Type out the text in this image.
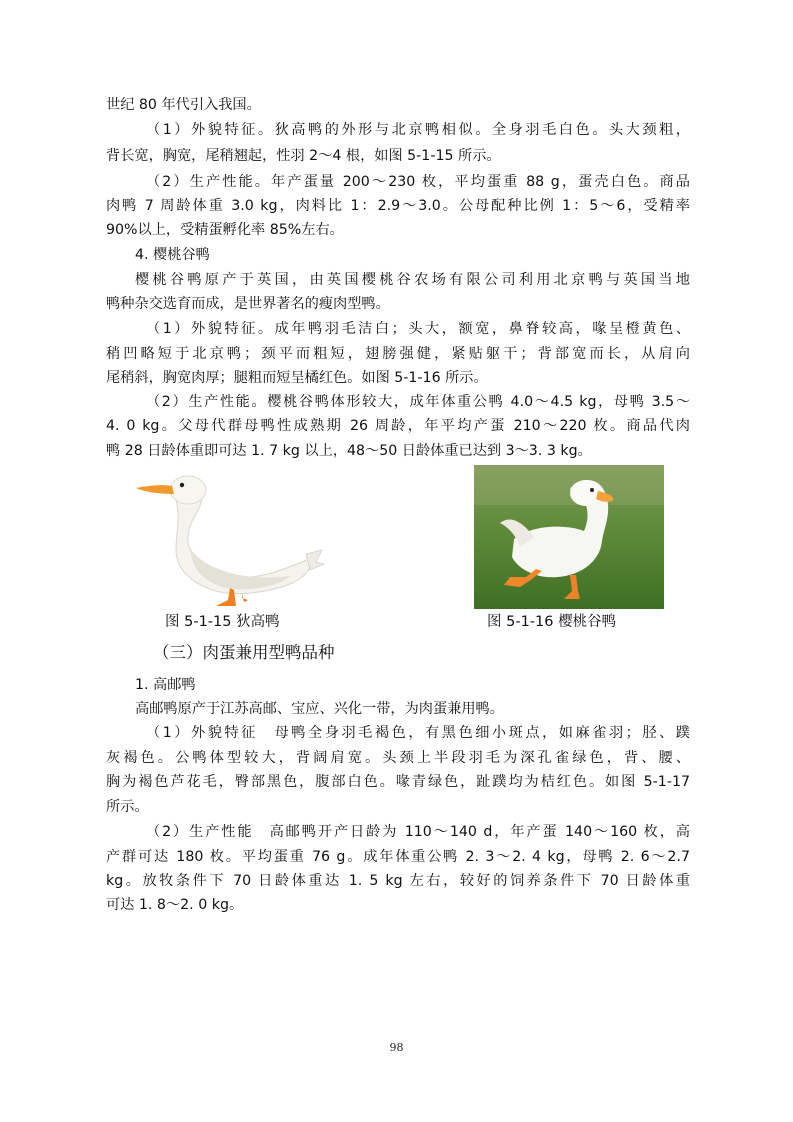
世纪 80 年代引入我国。
（1）外貌特征。狄高鸭的外形与北京鸭相似。全身羽毛白色。头大颈粗，
背长宽，胸宽，尾稍翘起，性羽 2～4 根，如图 5-1-15 所示。
（2）生产性能。年产蛋量 200～230 枚，平均蛋重 88 g，蛋壳白色。商品
肉鸭 7 周龄体重 3.0 kg，肉料比 1：2.9～3.0。公母配种比例 1：5～6，受精率
90%以上，受精蛋孵化率 85%左右。
4. 樱桃谷鸭
樱桃谷鸭原产于英国，由英国樱桃谷农场有限公司利用北京鸭与英国当地
鸭种杂交选育而成，是世界著名的瘦肉型鸭。
（1）外貌特征。成年鸭羽毛洁白；头大，额宽，鼻脊较高，喙呈橙黄色、
稍凹略短于北京鸭；颈平而粗短，翅膀强健，紧贴躯干；背部宽而长，从肩向
尾稍斜，胸宽肉厚；腿粗而短呈橘红色。如图 5-1-16 所示。
（2）生产性能。樱桃谷鸭体形较大，成年体重公鸭 4.0～4.5 kg，母鸭 3.5～
4. 0 kg。父母代群母鸭性成熟期 26 周龄，年平均产蛋 210～220 枚。商品代肉
鸭 28 日龄体重即可达 1. 7 kg 以上，48～50 日龄体重已达到 3～3. 3 kg。
图 5-1-15 狄高鸭	图 5-1-16 樱桃谷鸭
（三）肉蛋兼用型鸭品种
1. 高邮鸭
高邮鸭原产于江苏高邮、宝应、兴化一带，为肉蛋兼用鸭。
（1）外貌特征　母鸭全身羽毛褐色，有黑色细小斑点，如麻雀羽；胫、蹼
灰褐色。公鸭体型较大，背阔肩宽。头颈上半段羽毛为深孔雀绿色，背、腰、
胸为褐色芦花毛，臀部黑色，腹部白色。喙青绿色，趾蹼均为桔红色。如图 5-1-17
所示。
（2）生产性能　高邮鸭开产日龄为 110～140 d，年产蛋 140～160 枚，高
产群可达 180 枚。平均蛋重 76 g。成年体重公鸭 2. 3～2. 4 kg，母鸭 2. 6～2.7
kg。放牧条件下 70 日龄体重达 1. 5 kg 左右，较好的饲养条件下 70 日龄体重
可达 1. 8～2. 0 kg。
98
